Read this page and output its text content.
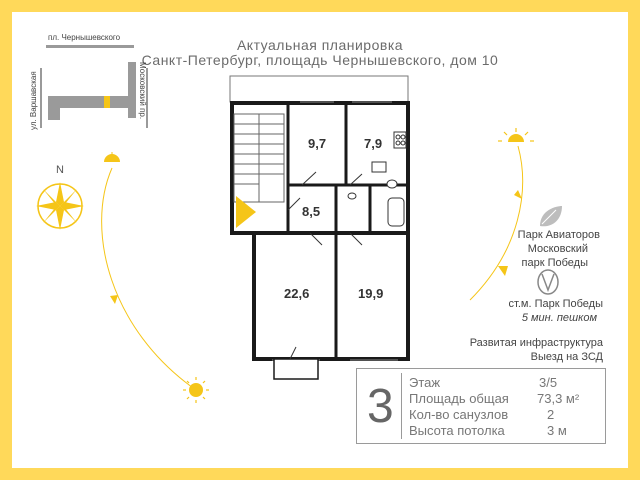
Актуальная планировка
Санкт-Петербург, площадь Чернышевского, дом 10
пл. Чернышевского
ул. Варшавская	Московский пр.
N
9,7	7,9
8,5
22,6	19,9
Парк Авиаторов
Московский
парк Победы
ст.м. Парк Победы
5 мин. пешком
Развитая инфраструктура
Выезд на ЗСД
3 Этаж	3/5
Площадь общая 73,3 м²
Кол-во санузлов	2
Высота потолка	3 м
